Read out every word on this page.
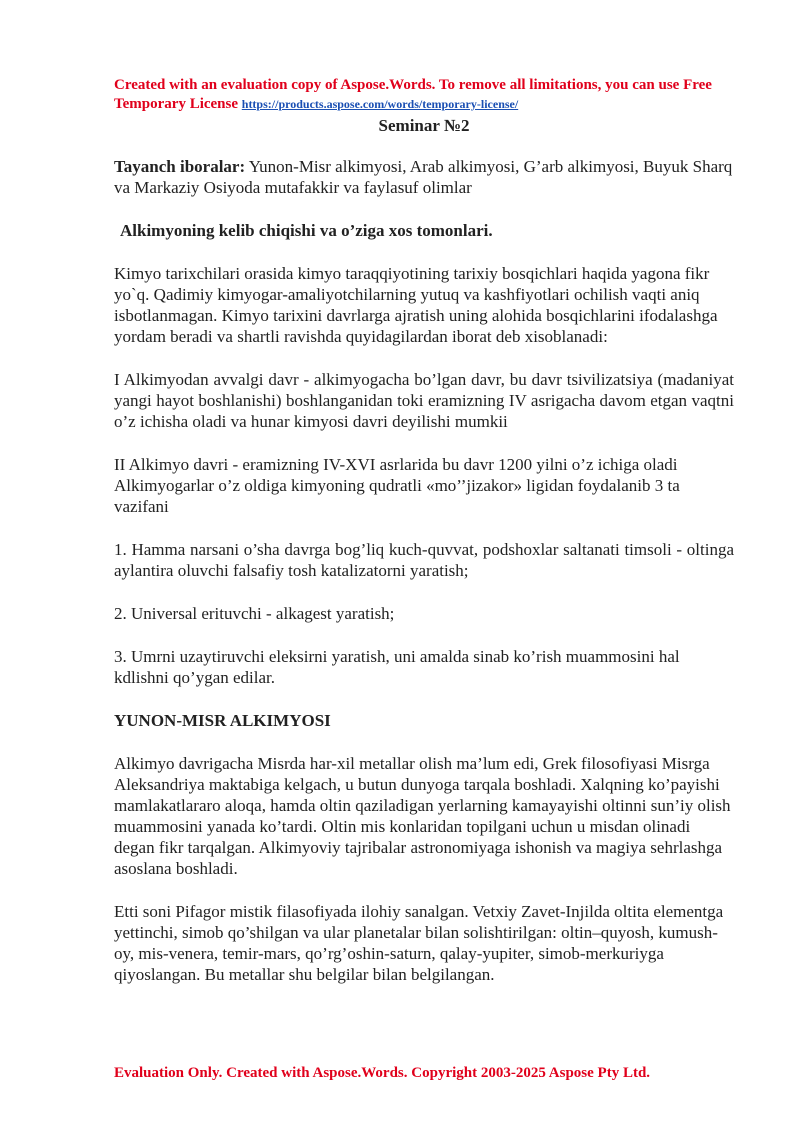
Created with an evaluation copy of Aspose.Words. To remove all limitations, you can use Free Temporary License https://products.aspose.com/words/temporary-license/

Seminar №2

Tayanch iboralar: Yunon-Misr alkimyosi, Arab alkimyosi, G’arb alkimyosi, Buyuk Sharq va Markaziy Osiyoda mutafakkir va faylasuf olimlar

Alkimyoning kelib chiqishi va o’ziga xos tomonlari.

Kimyo tarixchilari orasida kimyo taraqqiyotining tarixiy bosqichlari haqida yagona fikr yo`q. Qadimiy kimyogar-amaliyotchilarning yutuq va kashfiyotlari ochilish vaqti aniq isbotlanmagan. Kimyo tarixini davrlarga ajratish uning alohida bosqichlarini ifodalashga yordam beradi va shartli ravishda quyidagilardan iborat deb xisoblanadi:

I Alkimyodan avvalgi davr - alkimyogacha bo’lgan davr, bu davr tsivilizatsiya (madaniyat yangi hayot boshlanishi) boshlanganidan toki eramizning IV asrigacha davom etgan vaqtni o’z ichisha oladi va hunar kimyosi davri deyilishi mumkii

II Alkimyo davri - eramizning IV-XVI asrlarida bu davr 1200 yilni o’z ichiga oladi Alkimyogarlar o’z oldiga kimyoning qudratli «mo’’jizakor» ligidan foydalanib 3 ta vazifani

1. Hamma narsani o’sha davrga bog’liq kuch-quvvat, podshoxlar saltanati timsoli - oltinga aylantira oluvchi falsafiy tosh katalizatorni yaratish;

2. Universal erituvchi - alkagest yaratish;

3. Umrni uzaytiruvchi eleksirni yaratish, uni amalda sinab ko’rish muammosini hal kdlishni qo’ygan edilar.

YUNON-MISR ALKIMYOSI

Alkimyo davrigacha Misrda har-xil metallar olish ma’lum edi, Grek filosofiyasi Misrga Aleksandriya maktabiga kelgach, u butun dunyoga tarqala boshladi. Xalqning ko’payishi mamlakatlararo aloqa, hamda oltin qaziladigan yerlarning kamayayishi oltinni sun’iy olish muammosini yanada ko’tardi. Oltin mis konlaridan topilgani uchun u misdan olinadi degan fikr tarqalgan. Alkimyoviy tajribalar astronomiyaga ishonish va magiya sehrlashga asoslana boshladi.

Etti soni Pifagor mistik filasofiyada ilohiy sanalgan. Vetxiy Zavet-Injilda oltita elementga yettinchi, simob qo’shilgan va ular planetalar bilan solishtirilgan: oltin–quyosh, kumush-oy, mis-venera, temir-mars, qo’rg’oshin-saturn, qalay-yupiter, simob-merkuriyga qiyoslangan. Bu metallar shu belgilar bilan belgilangan.

Evaluation Only. Created with Aspose.Words. Copyright 2003-2025 Aspose Pty Ltd.
